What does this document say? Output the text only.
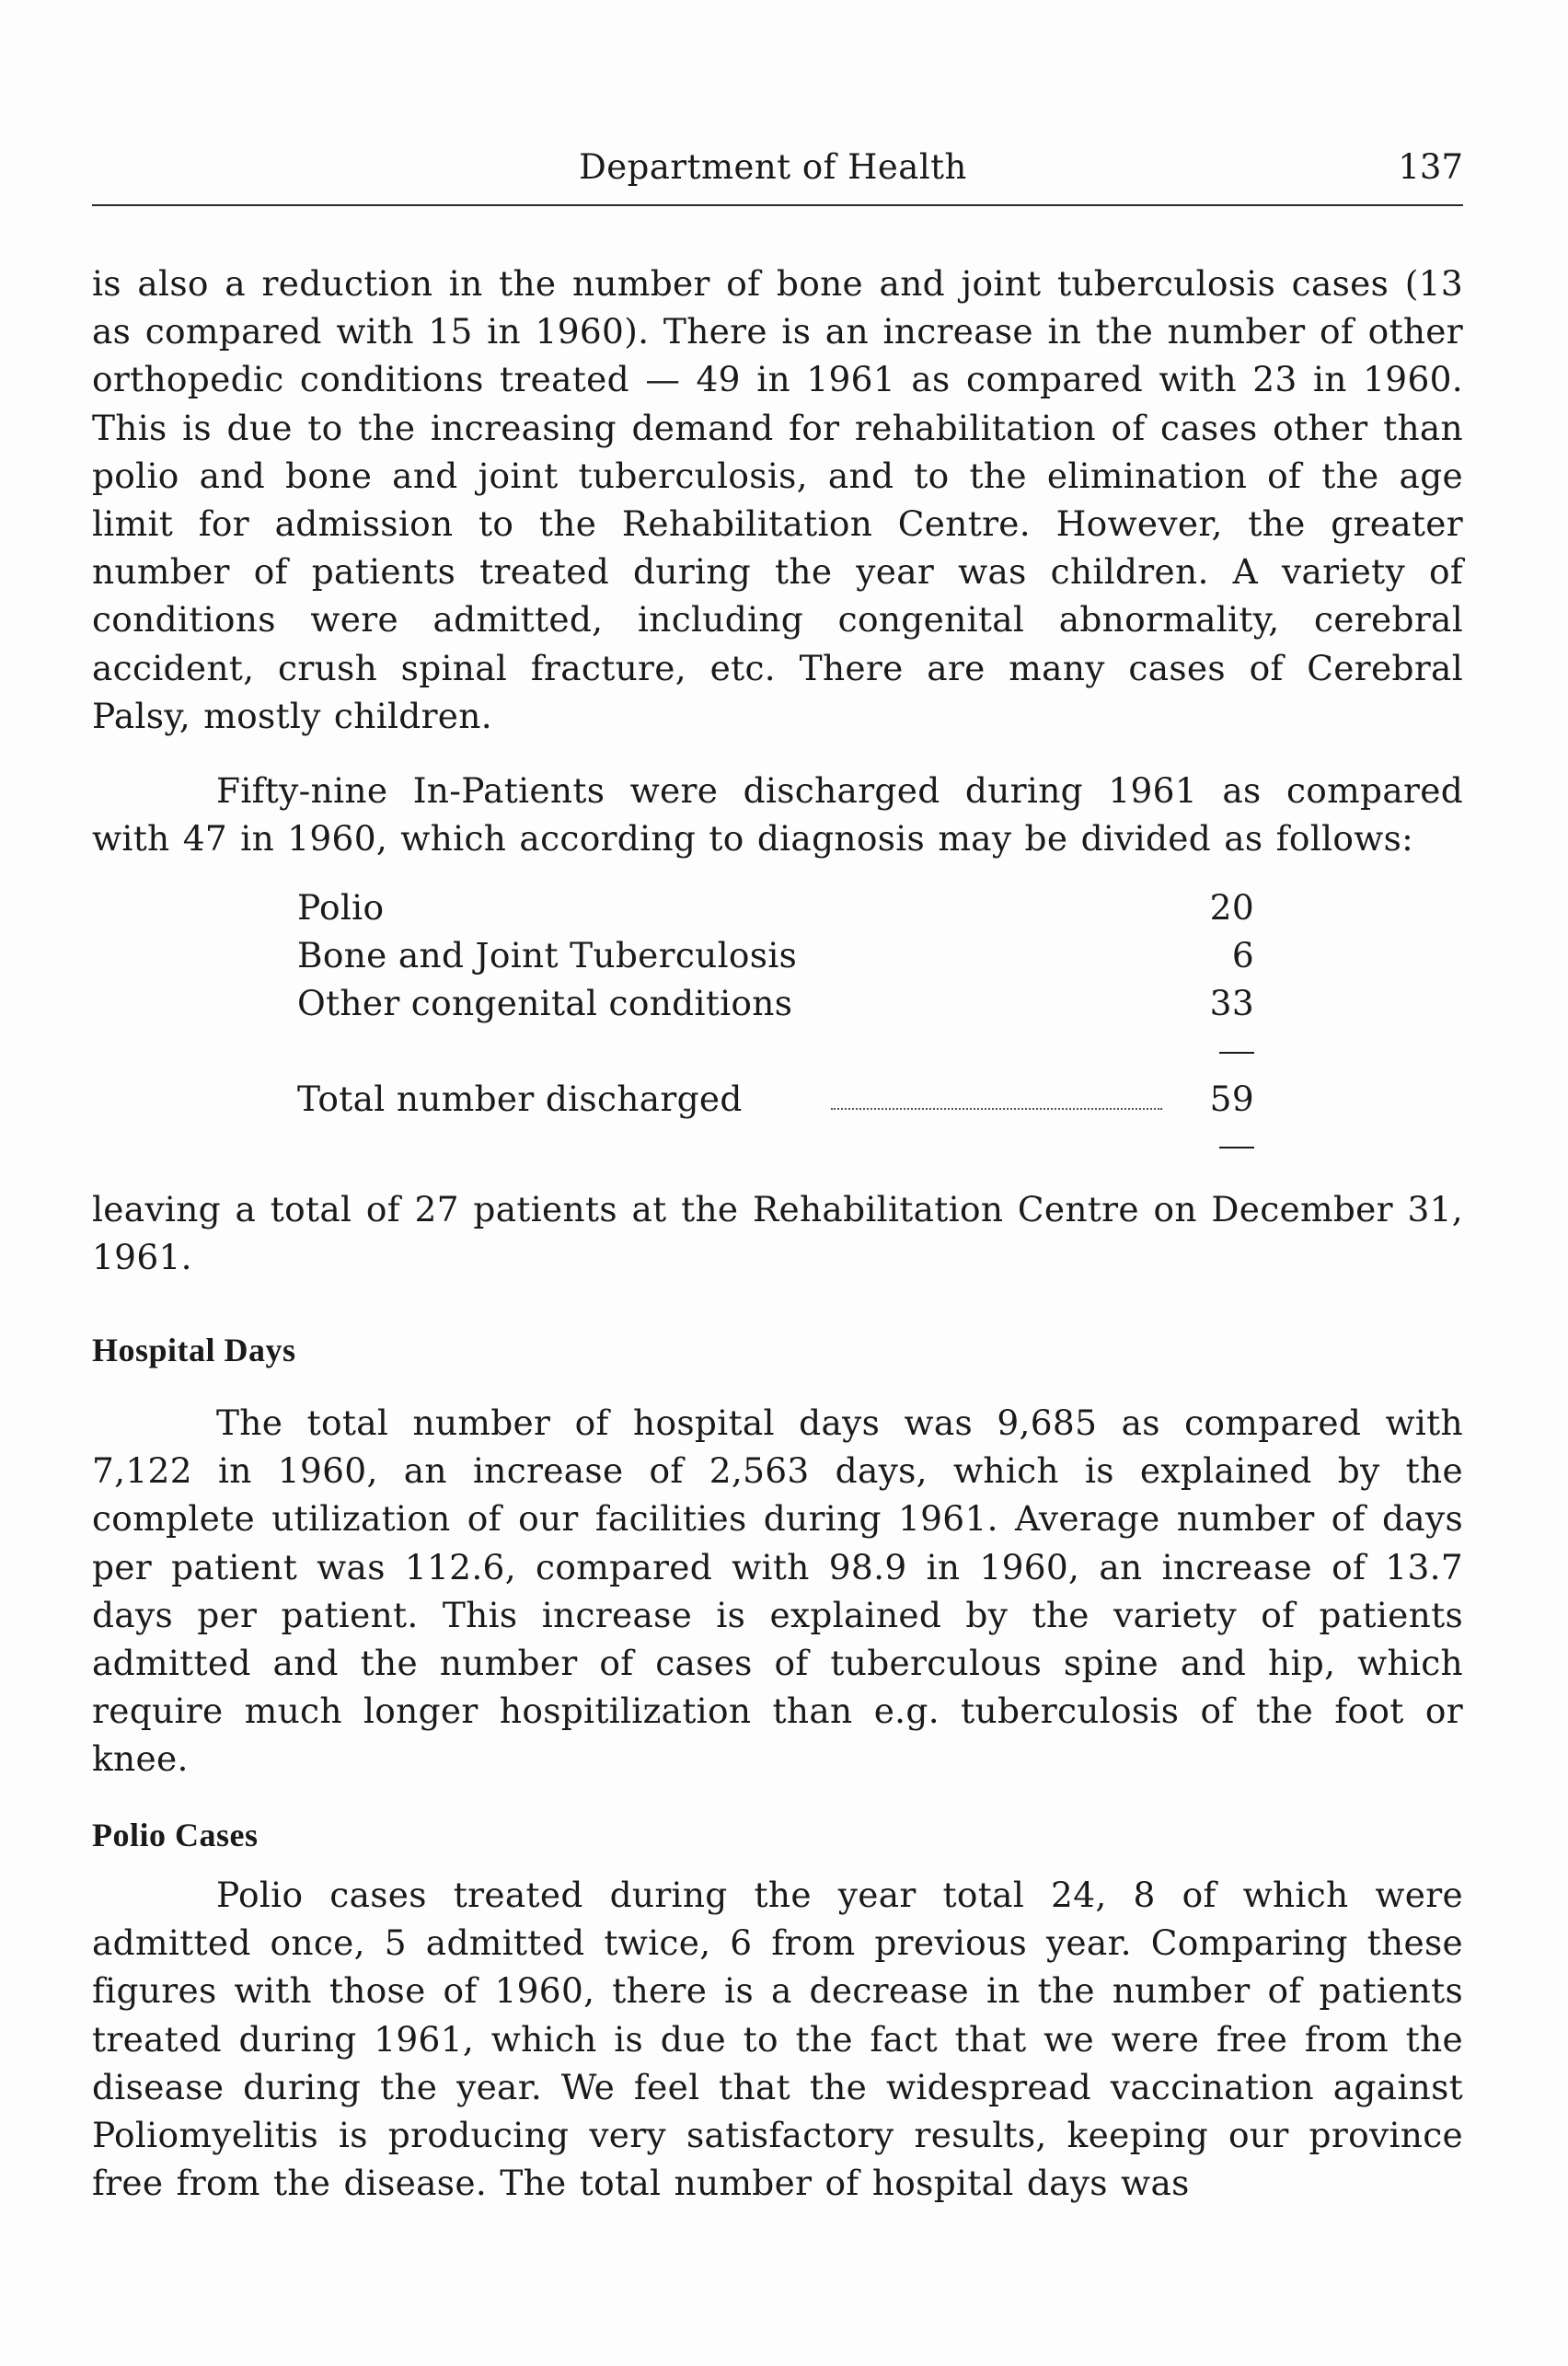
Department of Health	137
is also a reduction in the number of bone and joint tuberculosis cases (13 as compared with 15 in 1960). There is an increase in the number of other orthopedic conditions treated — 49 in 1961 as compared with 23 in 1960. This is due to the increasing demand for rehabilitation of cases other than polio and bone and joint tuberculosis, and to the elimination of the age limit for admission to the Rehabilitation Centre. However, the greater number of patients treated during the year was children. A variety of conditions were admitted, including congenital abnormality, cerebral accident, crush spinal fracture, etc. There are many cases of Cerebral Palsy, mostly children.
Fifty-nine In-Patients were discharged during 1961 as compared with 47 in 1960, which according to diagnosis may be divided as follows:
Polio	20
Bone and Joint Tuberculosis	6
Other congenital conditions	33
Total number discharged	59
leaving a total of 27 patients at the Rehabilitation Centre on December 31, 1961.
Hospital Days
The total number of hospital days was 9,685 as compared with 7,122 in 1960, an increase of 2,563 days, which is explained by the complete utilization of our facilities during 1961. Average number of days per patient was 112.6, compared with 98.9 in 1960, an increase of 13.7 days per patient. This increase is explained by the variety of patients admitted and the number of cases of tuberculous spine and hip, which require much longer hospitilization than e.g. tuberculosis of the foot or knee.
Polio Cases
Polio cases treated during the year total 24, 8 of which were admitted once, 5 admitted twice, 6 from previous year. Comparing these figures with those of 1960, there is a decrease in the number of patients treated during 1961, which is due to the fact that we were free from the disease during the year. We feel that the widespread vaccination against Poliomyelitis is producing very satisfactory results, keeping our province free from the disease. The total number of hospital days was
